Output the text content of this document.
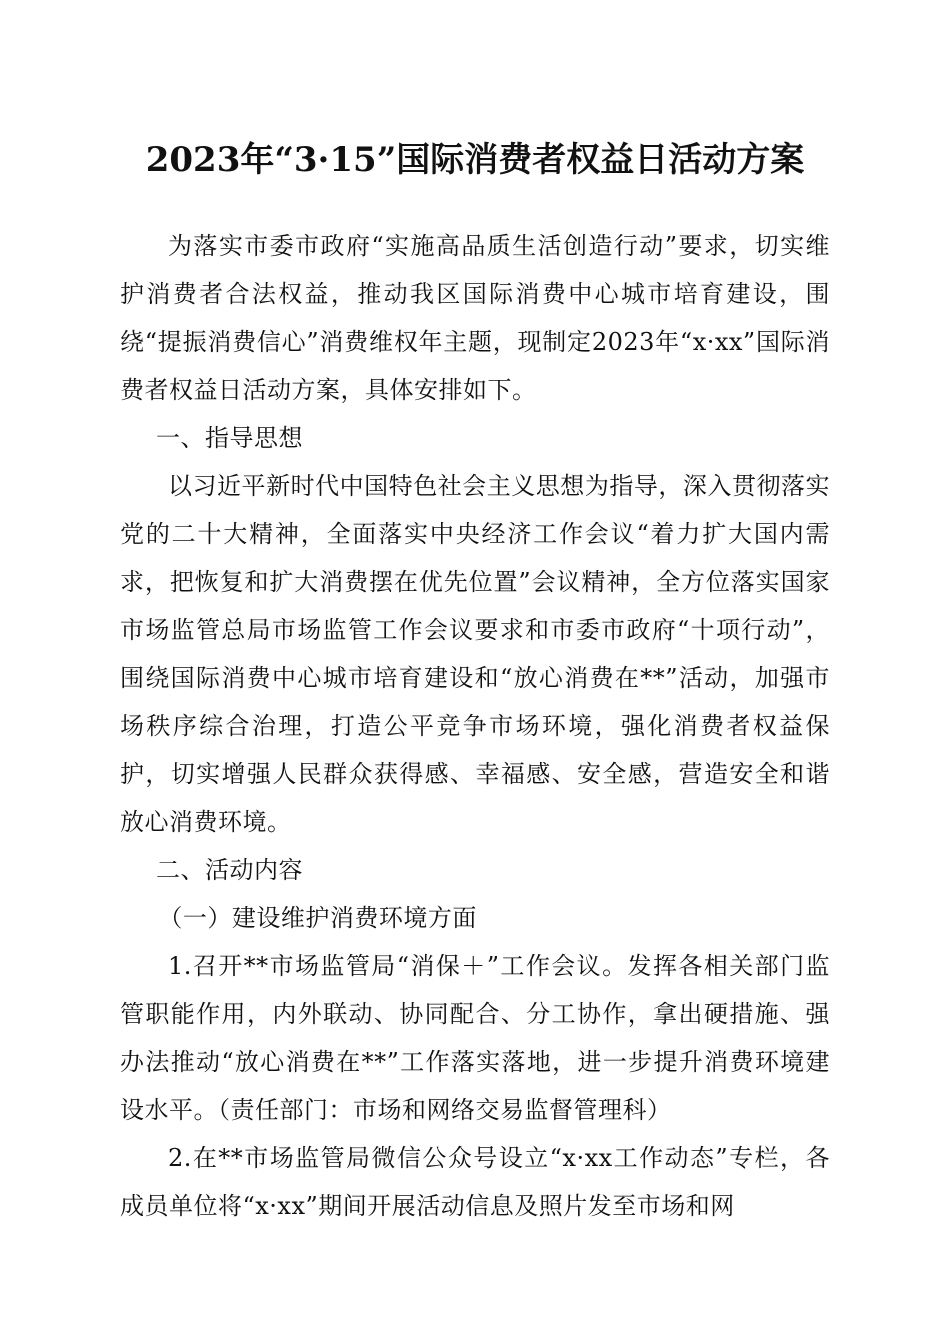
2023年“3·15”国际消费者权益日活动方案

为落实市委市政府“实施高品质生活创造行动”要求，切实维护消费者合法权益，推动我区国际消费中心城市培育建设，围绕“提振消费信心”消费维权年主题，现制定2023年“x·xx”国际消费者权益日活动方案，具体安排如下。

一、指导思想

以习近平新时代中国特色社会主义思想为指导，深入贯彻落实党的二十大精神，全面落实中央经济工作会议“着力扩大国内需求，把恢复和扩大消费摆在优先位置”会议精神，全方位落实国家市场监管总局市场监管工作会议要求和市委市政府“十项行动”，围绕国际消费中心城市培育建设和“放心消费在**”活动，加强市场秩序综合治理，打造公平竞争市场环境，强化消费者权益保护，切实增强人民群众获得感、幸福感、安全感，营造安全和谐放心消费环境。

二、活动内容

（一）建设维护消费环境方面

1.召开**市场监管局“消保＋”工作会议。发挥各相关部门监管职能作用，内外联动、协同配合、分工协作，拿出硬措施、强办法推动“放心消费在**”工作落实落地，进一步提升消费环境建设水平。（责任部门：市场和网络交易监督管理科）

2.在**市场监管局微信公众号设立“x·xx工作动态”专栏，各成员单位将“x·xx”期间开展活动信息及照片发至市场和网
